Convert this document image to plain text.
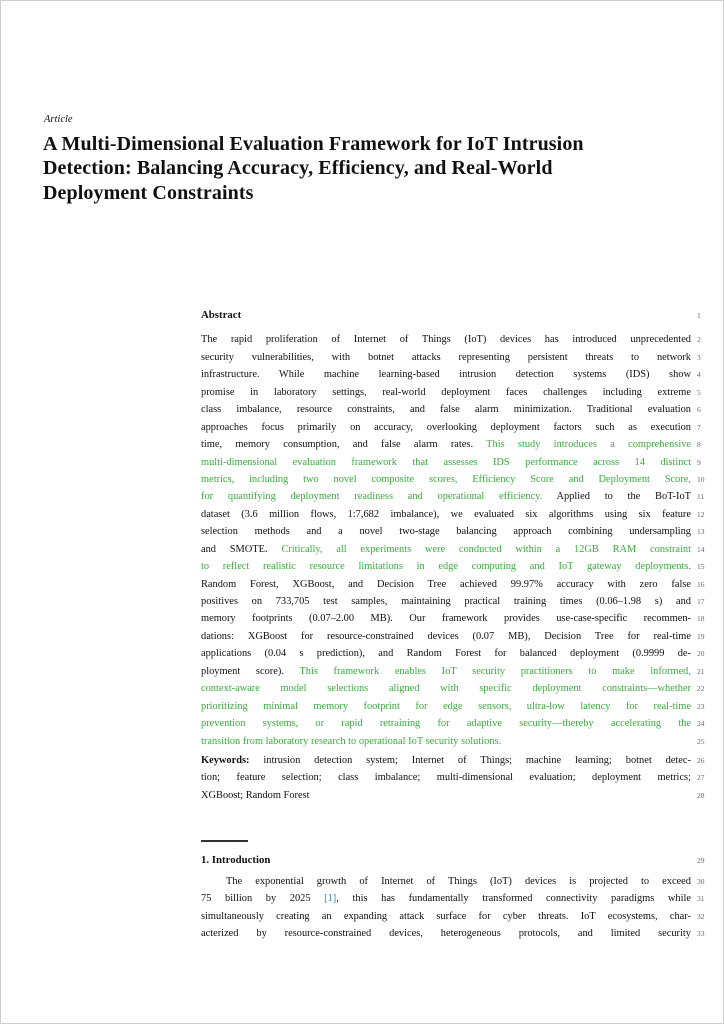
Article
A Multi-Dimensional Evaluation Framework for IoT Intrusion
Detection: Balancing Accuracy, Efficiency, and Real-World
Deployment Constraints
Abstract	1
The rapid proliferation of Internet of Things (IoT) devices has introduced unprecedented 2
security vulnerabilities, with botnet attacks representing persistent threats to network 3
infrastructure. While machine learning-based intrusion detection systems (IDS) show 4
promise in laboratory settings, real-world deployment faces challenges including extreme 5
class imbalance, resource constraints, and false alarm minimization. Traditional evaluation 6
approaches focus primarily on accuracy, overlooking deployment factors such as execution 7
time, memory consumption, and false alarm rates. This study introduces a comprehensive 8
multi-dimensional evaluation framework that assesses IDS performance across 14 distinct 9
metrics, including two novel composite scores, Efficiency Score and Deployment Score, 10
for quantifying deployment readiness and operational efficiency. Applied to the BoT-IoT 11
dataset (3.6 million flows, 1:7,682 imbalance), we evaluated six algorithms using six feature 12
selection methods and a novel two-stage balancing approach combining undersampling 13
and SMOTE. Critically, all experiments were conducted within a 12GB RAM constraint 14
to reflect realistic resource limitations in edge computing and IoT gateway deployments. 15
Random Forest, XGBoost, and Decision Tree achieved 99.97% accuracy with zero false 16
positives on 733,705 test samples, maintaining practical training times (0.06–1.98 s) and 17
memory footprints (0.07–2.00 MB). Our framework provides use-case-specific recommen- 18
dations: XGBoost for resource-constrained devices (0.07 MB), Decision Tree for real-time 19
applications (0.04 s prediction), and Random Forest for balanced deployment (0.9999 de- 20
ployment score). This framework enables IoT security practitioners to make informed, 21
context-aware model selections aligned with specific deployment constraints—whether 22
prioritizing minimal memory footprint for edge sensors, ultra-low latency for real-time 23
prevention systems, or rapid retraining for adaptive security—thereby accelerating the 24
transition from laboratory research to operational IoT security solutions.	25
Keywords: intrusion detection system; Internet of Things; machine learning; botnet detec- 26
tion; feature selection; class imbalance; multi-dimensional evaluation; deployment metrics; 27
XGBoost; Random Forest	28
1. Introduction	29
The exponential growth of Internet of Things (IoT) devices is projected to exceed 30
75 billion by 2025 [1], this has fundamentally transformed connectivity paradigms while 31
simultaneously creating an expanding attack surface for cyber threats. IoT ecosystems, char- 32
acterized by resource-constrained devices, heterogeneous protocols, and limited security 33
